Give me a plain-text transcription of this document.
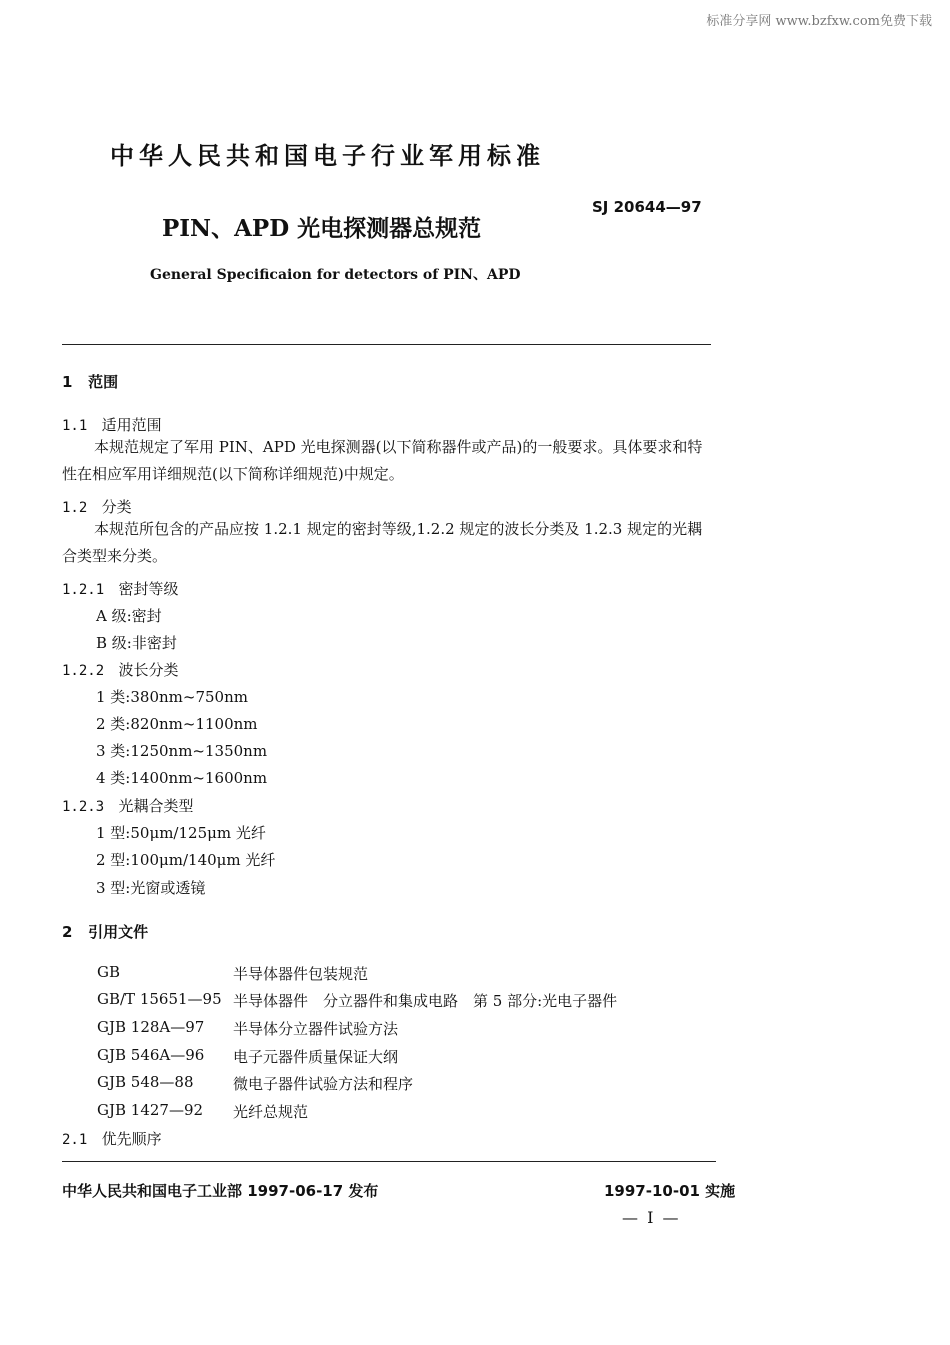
标准分享网 www.bzfxw.com免费下载
中华人民共和国电子行业军用标准
SJ 20644—97
PIN、APD 光电探测器总规范
General Specificaion for detectors of PIN、APD
1 范围
1.1 适用范围
本规范规定了军用 PIN、APD 光电探测器(以下简称器件或产品)的一般要求。具体要求和特性在相应军用详细规范(以下简称详细规范)中规定。
1.2 分类
本规范所包含的产品应按 1.2.1 规定的密封等级,1.2.2 规定的波长分类及 1.2.3 规定的光耦合类型来分类。
1.2.1 密封等级
A 级:密封
B 级:非密封
1.2.2 波长分类
1 类:380nm~750nm
2 类:820nm~1100nm
3 类:1250nm~1350nm
4 类:1400nm~1600nm
1.2.3 光耦合类型
1 型:50μm/125μm 光纤
2 型:100μm/140μm 光纤
3 型:光窗或透镜
2 引用文件
GB	半导体器件包装规范
GB/T 15651—95 半导体器件　分立器件和集成电路　第 5 部分:光电子器件
GJB 128A—97 半导体分立器件试验方法
GJB 546A—96 电子元器件质量保证大纲
GJB 548—88	微电子器件试验方法和程序
GJB 1427—92 光纤总规范
2.1 优先顺序
中华人民共和国电子工业部 1997-06-17 发布	1997-10-01 实施
— I —
